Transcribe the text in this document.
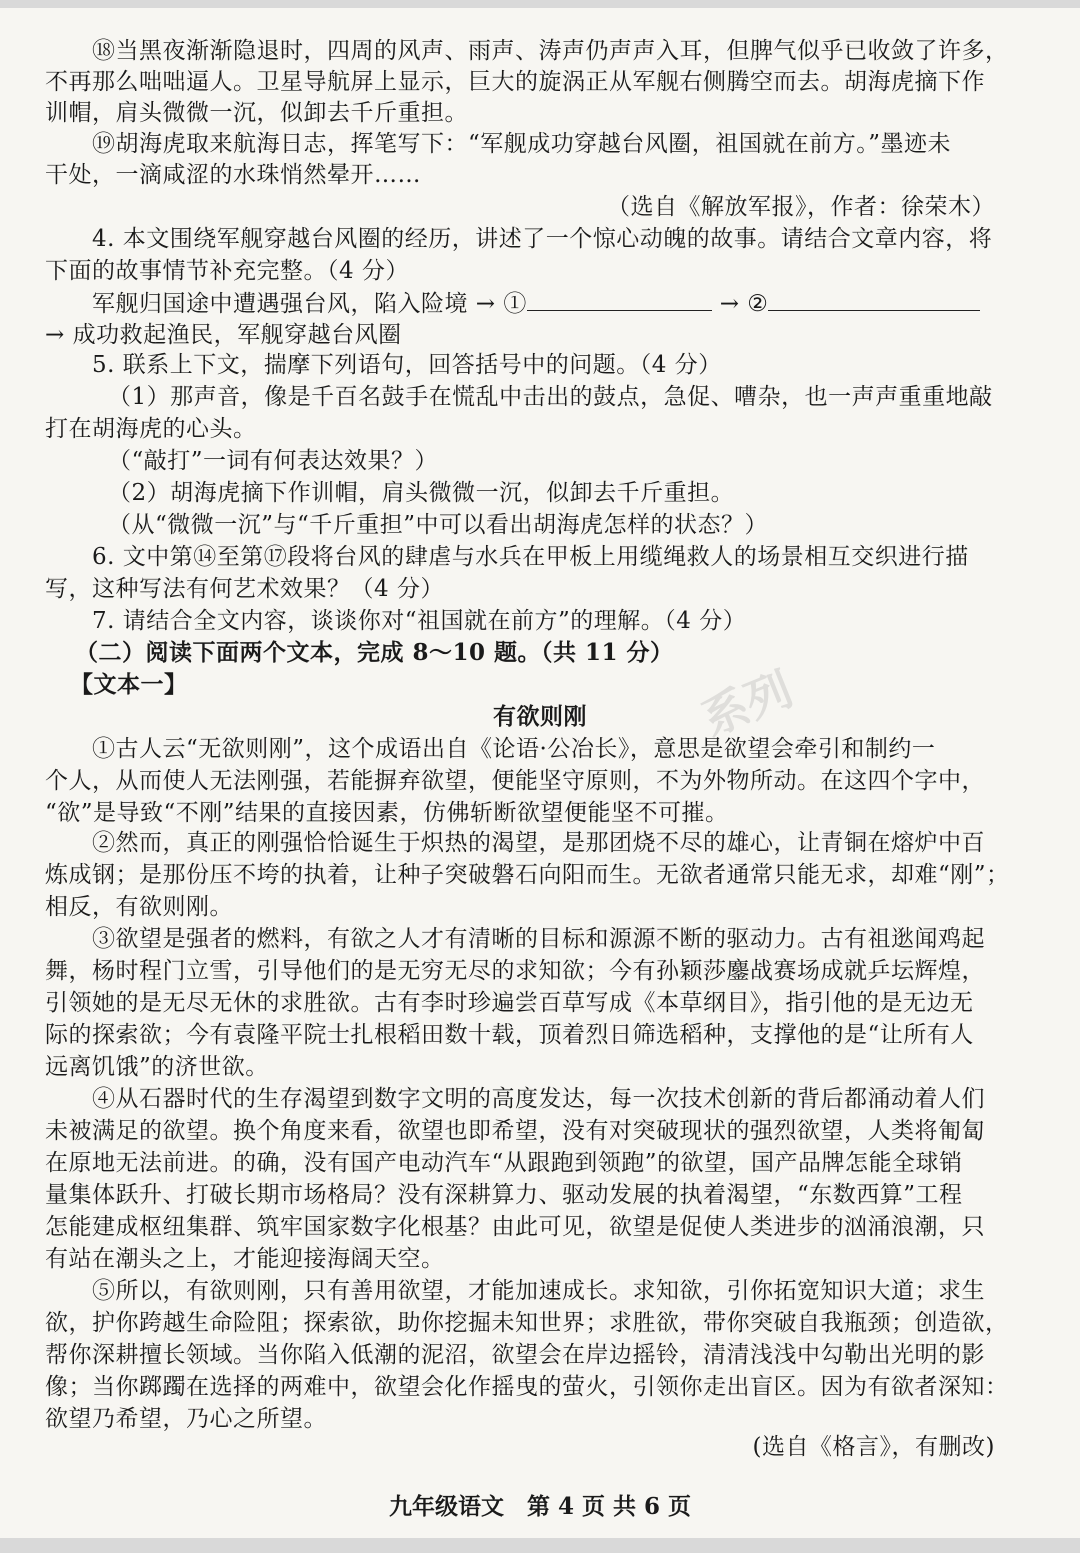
⑱当黑夜渐渐隐退时，四周的风声、雨声、涛声仍声声入耳，但脾气似乎已收敛了许多，
不再那么咄咄逼人。卫星导航屏上显示，巨大的旋涡正从军舰右侧腾空而去。胡海虎摘下作
训帽，肩头微微一沉，似卸去千斤重担。
⑲胡海虎取来航海日志，挥笔写下：“军舰成功穿越台风圈，祖国就在前方。”墨迹未
干处，一滴咸涩的水珠悄然晕开……
（选自《解放军报》，作者：徐荣木）
4. 本文围绕军舰穿越台风圈的经历，讲述了一个惊心动魄的故事。请结合文章内容，将
下面的故事情节补充完整。（4 分）
军舰归国途中遭遇强台风，陷入险境 → ①	→ ②
→ 成功救起渔民，军舰穿越台风圈
5. 联系上下文，揣摩下列语句，回答括号中的问题。（4 分）
（1）那声音，像是千百名鼓手在慌乱中击出的鼓点，急促、嘈杂，也一声声重重地敲
打在胡海虎的心头。
（“敲打”一词有何表达效果？）
（2）胡海虎摘下作训帽，肩头微微一沉，似卸去千斤重担。
（从“微微一沉”与“千斤重担”中可以看出胡海虎怎样的状态？）
6. 文中第⑭至第⑰段将台风的肆虐与水兵在甲板上用缆绳救人的场景相互交织进行描
写，这种写法有何艺术效果？（4 分）
7. 请结合全文内容，谈谈你对“祖国就在前方”的理解。（4 分）
（二）阅读下面两个文本，完成 8～10 题。（共 11 分）
【文本一】
有欲则刚
①古人云“无欲则刚”，这个成语出自《论语·公冶长》，意思是欲望会牵引和制约一
个人，从而使人无法刚强，若能摒弃欲望，便能坚守原则，不为外物所动。在这四个字中，
“欲”是导致“不刚”结果的直接因素，仿佛斩断欲望便能坚不可摧。
②然而，真正的刚强恰恰诞生于炽热的渴望，是那团烧不尽的雄心，让青铜在熔炉中百
炼成钢；是那份压不垮的执着，让种子突破磐石向阳而生。无欲者通常只能无求，却难“刚”；
相反，有欲则刚。
③欲望是强者的燃料，有欲之人才有清晰的目标和源源不断的驱动力。古有祖逖闻鸡起
舞，杨时程门立雪，引导他们的是无穷无尽的求知欲；今有孙颖莎鏖战赛场成就乒坛辉煌，
引领她的是无尽无休的求胜欲。古有李时珍遍尝百草写成《本草纲目》，指引他的是无边无
际的探索欲；今有袁隆平院士扎根稻田数十载，顶着烈日筛选稻种，支撑他的是“让所有人
远离饥饿”的济世欲。
④从石器时代的生存渴望到数字文明的高度发达，每一次技术创新的背后都涌动着人们
未被满足的欲望。换个角度来看，欲望也即希望，没有对突破现状的强烈欲望，人类将匍匐
在原地无法前进。的确，没有国产电动汽车“从跟跑到领跑”的欲望，国产品牌怎能全球销
量集体跃升、打破长期市场格局？没有深耕算力、驱动发展的执着渴望，“东数西算”工程
怎能建成枢纽集群、筑牢国家数字化根基？由此可见，欲望是促使人类进步的汹涌浪潮，只
有站在潮头之上，才能迎接海阔天空。
⑤所以，有欲则刚，只有善用欲望，才能加速成长。求知欲，引你拓宽知识大道；求生
欲，护你跨越生命险阻；探索欲，助你挖掘未知世界；求胜欲，带你突破自我瓶颈；创造欲，
帮你深耕擅长领域。当你陷入低潮的泥沼，欲望会在岸边摇铃，清清浅浅中勾勒出光明的影
像；当你踯躅在选择的两难中，欲望会化作摇曳的萤火，引领你走出盲区。因为有欲者深知：
欲望乃希望，乃心之所望。
(选自《格言》，有删改)
系列
九年级语文　第 4 页 共 6 页
